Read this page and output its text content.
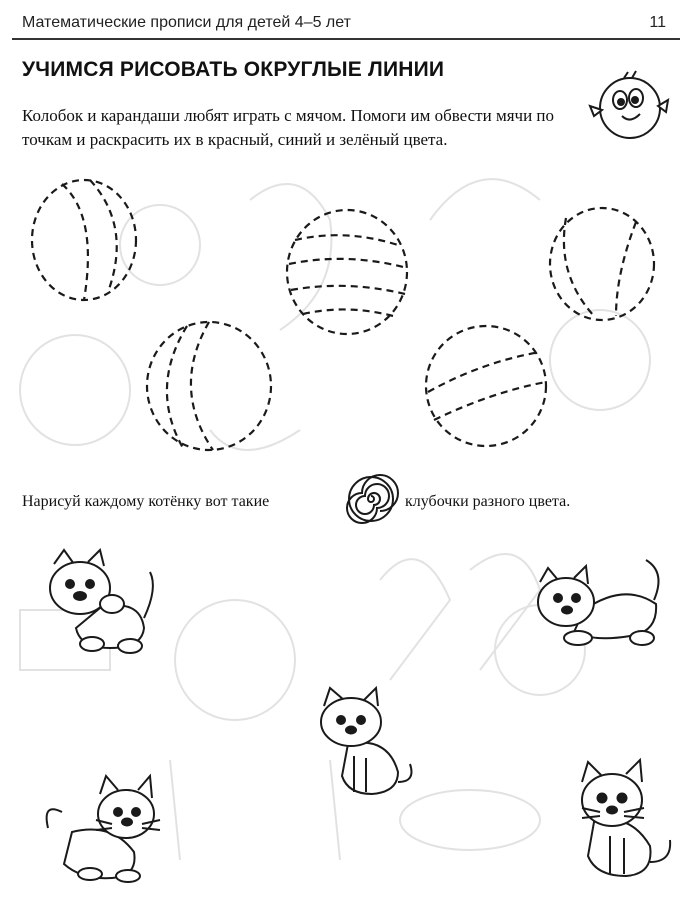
Математические прописи для детей 4–5 лет	11
УЧИМСЯ РИСОВАТЬ ОКРУГЛЫЕ ЛИНИИ
Колобок и карандаши любят играть с мячом. Помоги им обвести мячи по точкам и раскрасить их в красный, синий и зелёный цвета.
Нарисуй каждому котёнку вот такие	клубочки разного цвета.
